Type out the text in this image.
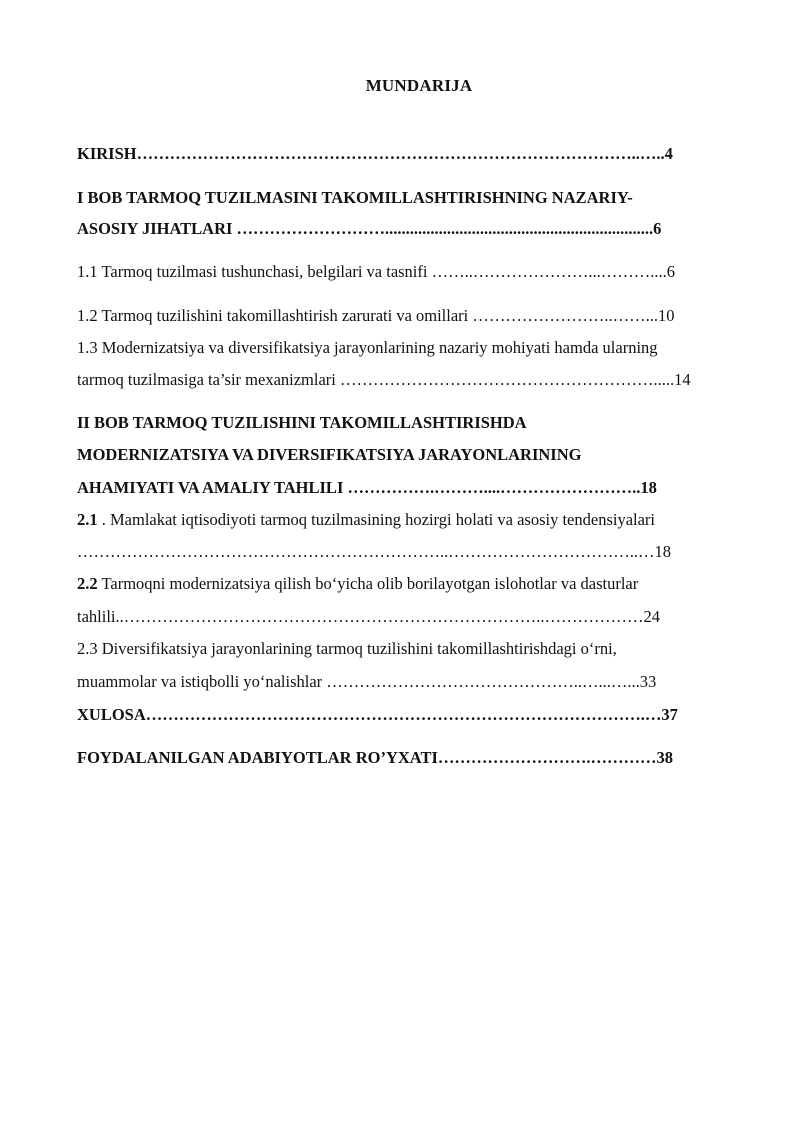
MUNDARIJA
KIRISH………………………………………………………………………………..…..4
I BOB TARMOQ TUZILMASINI TAKOMILLASHTIRISHNING NAZARIY-
ASOSIY JIHATLARI ……………………….................................................................6
1.1 Tarmoq tuzilmasi tushunchasi, belgilari va tasnifi ……..…………………...………....6
1.2 Tarmoq tuzilishini takomillashtirish zarurati va omillari ……………………..……...10
1.3 Modernizatsiya va diversifikatsiya jarayonlarining nazariy mohiyati hamda ularning
tarmoq tuzilmasiga ta’sir mexanizmlari ………………………………………………….....14
II BOB TARMOQ TUZILISHINI TAKOMILLASHTIRISHDA
MODERNIZATSIYA VA DIVERSIFIKATSIYA JARAYONLARINING
AHAMIYATI VA AMALIY TAHLILI …………….………....……………………..18
2.1 . Mamlakat iqtisodiyoti tarmoq tuzilmasining hozirgi holati va asosiy tendensiyalari
…………………………………………………………..……………………………..…18
2.2 Tarmoqni modernizatsiya qilish bo‘yicha olib borilayotgan islohotlar va dasturlar
tahlili..…………………………………………………………………..………………24
2.3 Diversifikatsiya jarayonlarining tarmoq tuzilishini takomillashtirishdagi o‘rni,
muammolar va istiqbolli yo‘nalishlar ………………………………………..…...…...33
XULOSA……………………………………………………………………………….…37
FOYDALANILGAN ADABIYOTLAR RO’YXATI……………………….…………38
